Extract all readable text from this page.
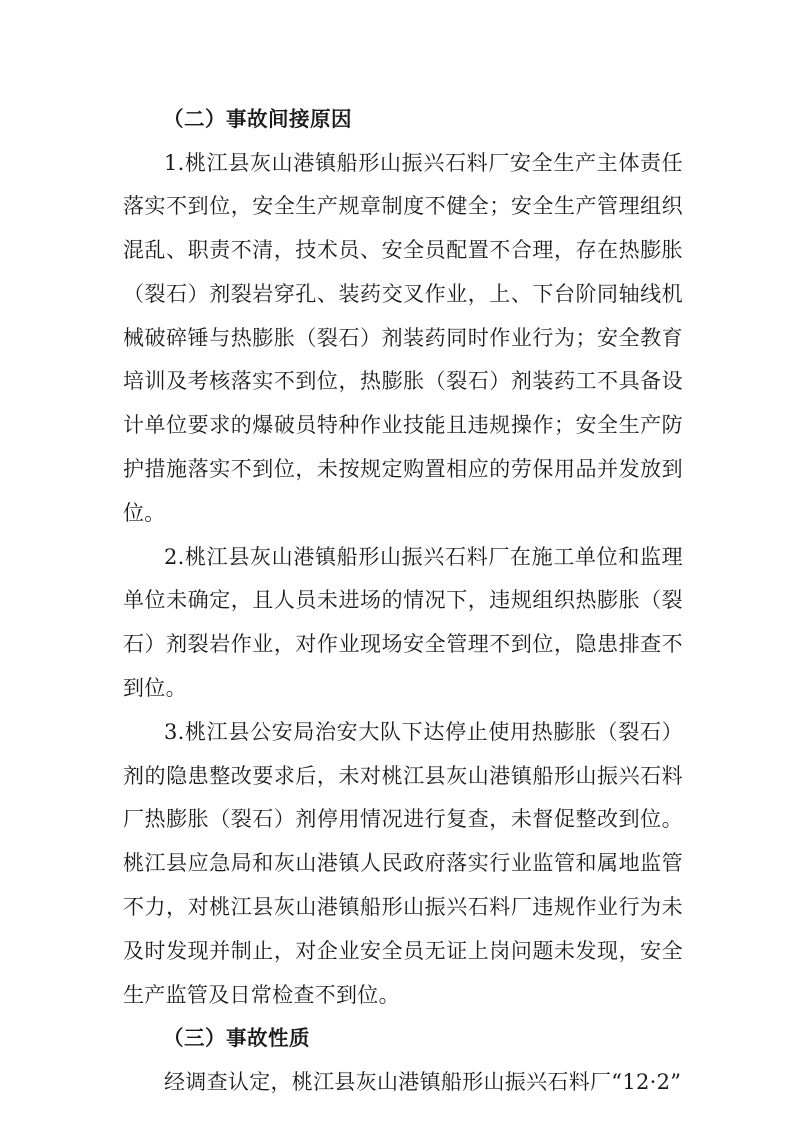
（二）事故间接原因

1.桃江县灰山港镇船形山振兴石料厂安全生产主体责任落实不到位，安全生产规章制度不健全；安全生产管理组织混乱、职责不清，技术员、安全员配置不合理，存在热膨胀（裂石）剂裂岩穿孔、装药交叉作业，上、下台阶同轴线机械破碎锤与热膨胀（裂石）剂装药同时作业行为；安全教育培训及考核落实不到位，热膨胀（裂石）剂装药工不具备设计单位要求的爆破员特种作业技能且违规操作；安全生产防护措施落实不到位，未按规定购置相应的劳保用品并发放到位。

2.桃江县灰山港镇船形山振兴石料厂在施工单位和监理单位未确定，且人员未进场的情况下，违规组织热膨胀（裂石）剂裂岩作业，对作业现场安全管理不到位，隐患排查不到位。

3.桃江县公安局治安大队下达停止使用热膨胀（裂石）剂的隐患整改要求后，未对桃江县灰山港镇船形山振兴石料厂热膨胀（裂石）剂停用情况进行复查，未督促整改到位。桃江县应急局和灰山港镇人民政府落实行业监管和属地监管不力，对桃江县灰山港镇船形山振兴石料厂违规作业行为未及时发现并制止，对企业安全员无证上岗问题未发现，安全生产监管及日常检查不到位。

（三）事故性质

经调查认定，桃江县灰山港镇船形山振兴石料厂“12·2”
